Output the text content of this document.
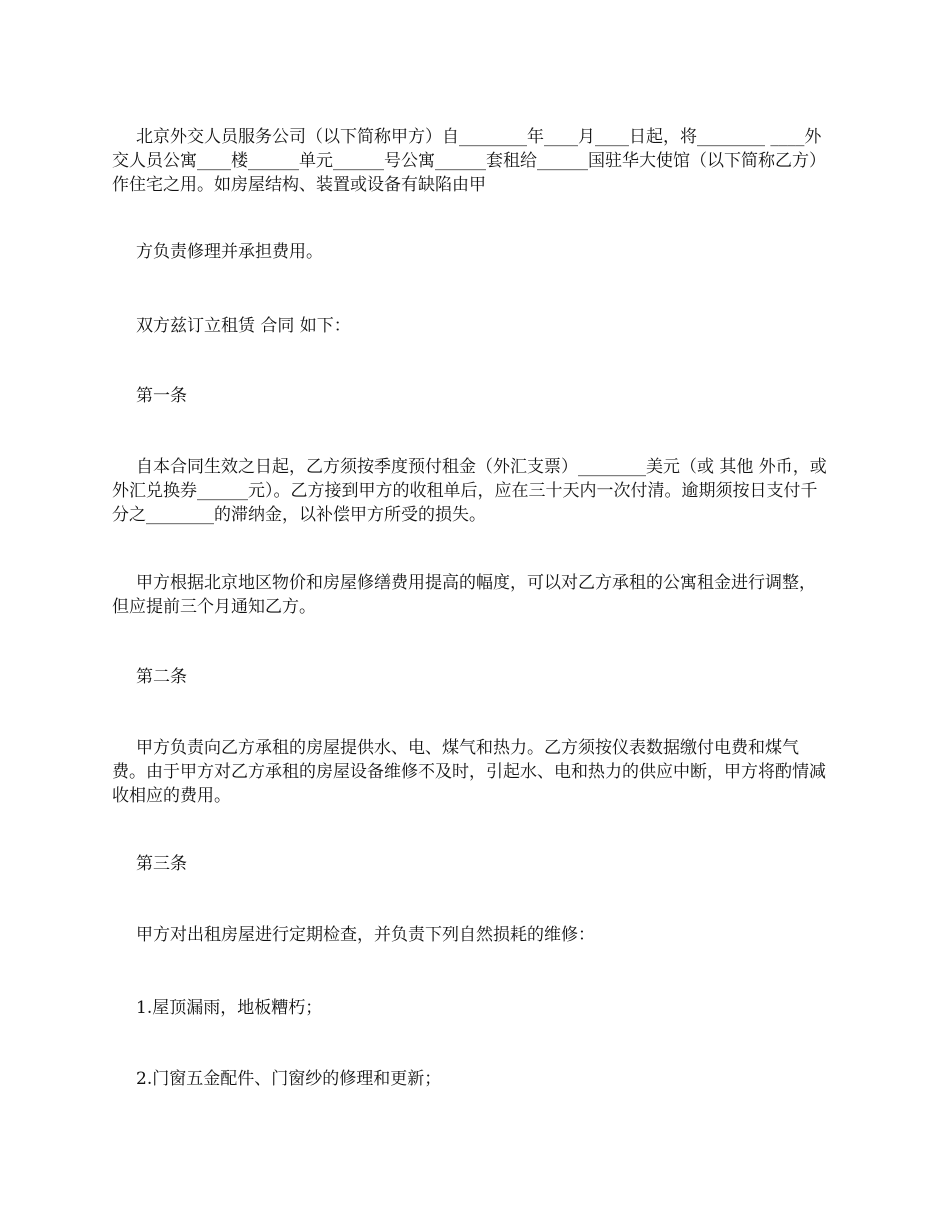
北京外交人员服务公司（以下简称甲方）自________年____月____日起，将________ ____外交人员公寓____楼______单元______号公寓______套租给______国驻华大使馆（以下简称乙方）作住宅之用。如房屋结构、装置或设备有缺陷由甲

方负责修理并承担费用。

双方兹订立租赁 合同 如下：

第一条

自本合同生效之日起，乙方须按季度预付租金（外汇支票）________美元（或 其他 外币，或外汇兑换券______元）。乙方接到甲方的收租单后，应在三十天内一次付清。逾期须按日支付千分之________的滞纳金，以补偿甲方所受的损失。

甲方根据北京地区物价和房屋修缮费用提高的幅度，可以对乙方承租的公寓租金进行调整，但应提前三个月通知乙方。

第二条

甲方负责向乙方承租的房屋提供水、电、煤气和热力。乙方须按仪表数据缴付电费和煤气费。由于甲方对乙方承租的房屋设备维修不及时，引起水、电和热力的供应中断，甲方将酌情减收相应的费用。

第三条

甲方对出租房屋进行定期检查，并负责下列自然损耗的维修：

1.屋顶漏雨，地板糟朽；

2.门窗五金配件、门窗纱的修理和更新；
